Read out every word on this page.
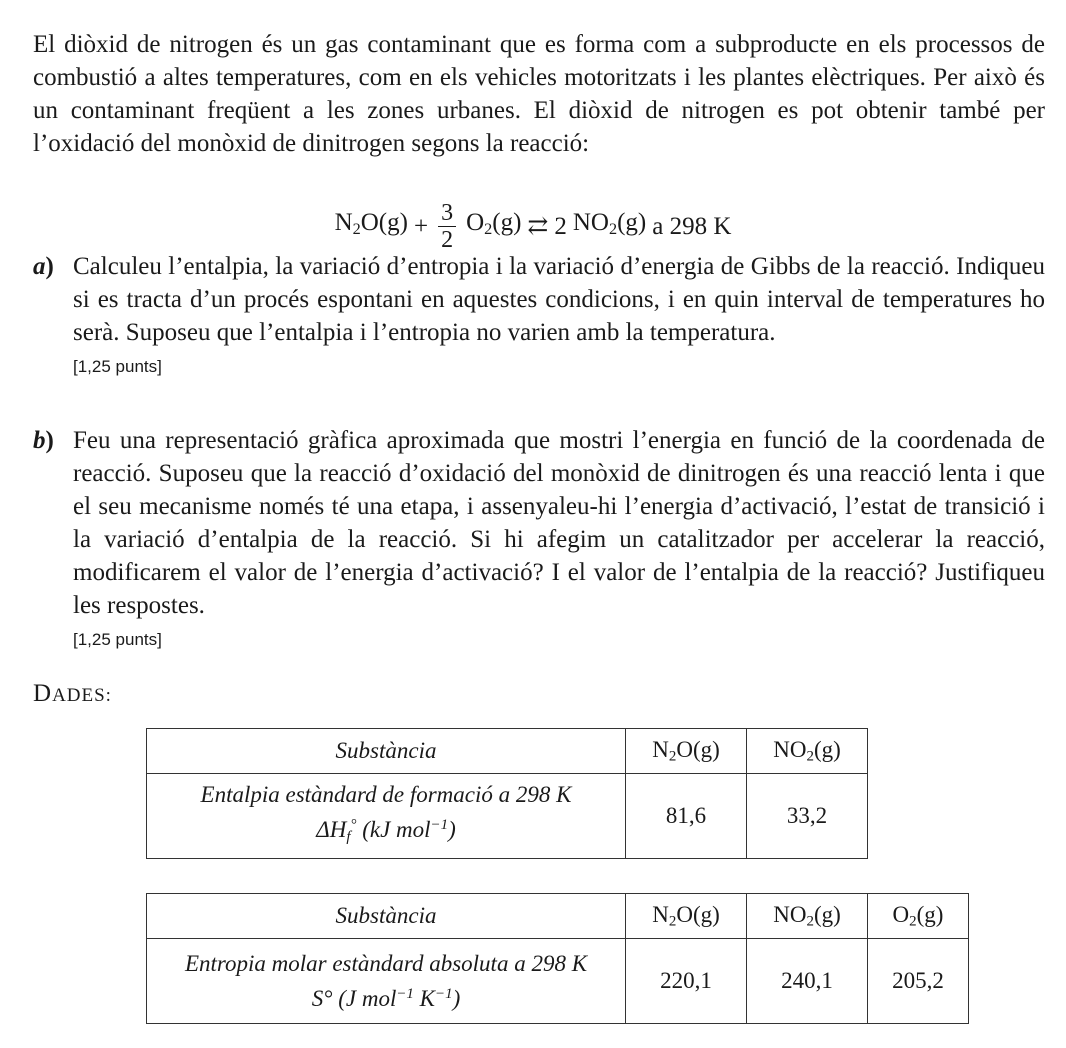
El diòxid de nitrogen és un gas contaminant que es forma com a subproducte en els processos de combustió a altes temperatures, com en els vehicles motoritzats i les plantes elèctriques. Per això és un contaminant freqüent a les zones urbanes. El diòxid de nitrogen es pot obtenir també per l’oxidació del monòxid de dinitrogen segons la reacció:

$N_2O(g) + \frac{3}{2} O_2(g)$ ⇄ 2 $NO_2(g)$ a 298 K
a) Calculeu l’entalpia, la variació d’entropia i la variació d’energia de Gibbs de la reacció. Indiqueu si es tracta d’un procés espontani en aquestes condicions, i en quin interval de temperatures ho serà. Suposeu que l’entalpia i l’entropia no varien amb la temperatura.
[1,25 punts]
b) Feu una representació gràfica aproximada que mostri l’energia en funció de la coordenada de reacció. Suposeu que la reacció d’oxidació del monòxid de dinitrogen és una reacció lenta i que el seu mecanisme només té una etapa, i assenyaleu-hi l’energia d’activació, l’estat de transició i la variació d’entalpia de la reacció. Si hi afegim un catalitzador per accelerar la reacció, modificarem el valor de l’energia d’activació? I el valor de l’entalpia de la reacció? Justifiqueu les respostes.
[1,25 punts]
DADES:
Substància	$N_2O(g)$	$NO_2(g)$
Entalpia estàndard de formació a 298 K
$\Delta H_f^\circ$ (kJ mol$^{-1}$)	81,6	33,2
Substància	$N_2O(g)$	$NO_2(g)$	$O_2(g)$
Entropia molar estàndard absoluta a 298 K
S° (J mol$^{-1}$ $K^{-1}$)	220,1	240,1	205,2
